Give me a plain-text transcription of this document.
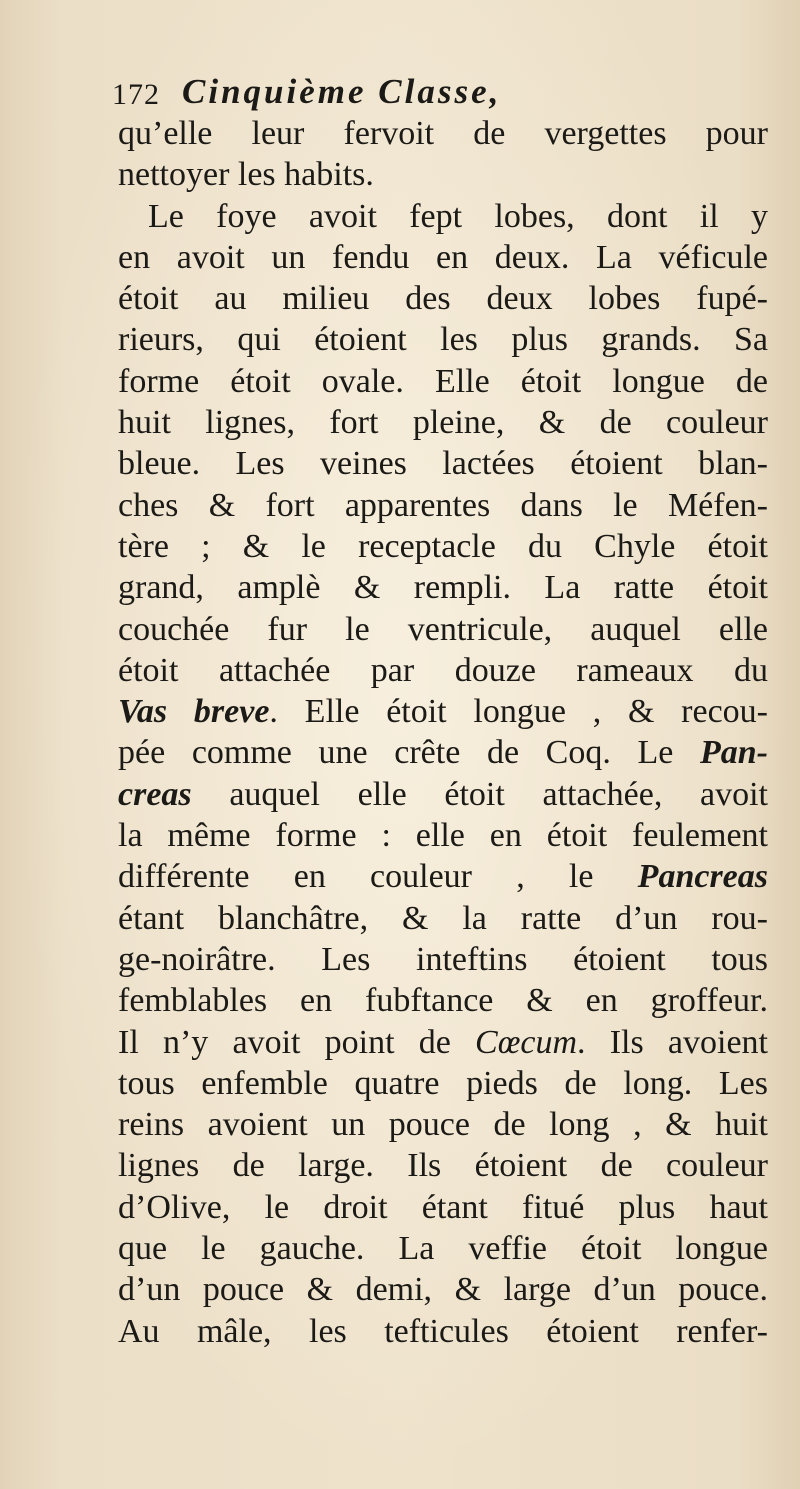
172 Cinquième Classe,
qu’elle leur fervoit de vergettes pour
nettoyer les habits.
Le foye avoit fept lobes, dont il y
en avoit un fendu en deux. La véficule
étoit au milieu des deux lobes fupé-
rieurs, qui étoient les plus grands. Sa
forme étoit ovale. Elle étoit longue de
huit lignes, fort pleine, & de couleur
bleue. Les veines lactées étoient blan-
ches & fort apparentes dans le Méfen-
tère ; & le receptacle du Chyle étoit
grand, amplè & rempli. La ratte étoit
couchée fur le ventricule, auquel elle
étoit attachée par douze rameaux du
Vas breve. Elle étoit longue , & recou-
pée comme une crête de Coq. Le Pan-
creas auquel elle étoit attachée, avoit
la même forme : elle en étoit feulement
différente en couleur , le Pancreas
étant blanchâtre, & la ratte d’un rou-
ge-noirâtre. Les inteftins étoient tous
femblables en fubftance & en groffeur.
Il n’y avoit point de Cœcum. Ils avoient
tous enfemble quatre pieds de long. Les
reins avoient un pouce de long , & huit
lignes de large. Ils étoient de couleur
d’Olive, le droit étant fitué plus haut
que le gauche. La veffie étoit longue
d’un pouce & demi, & large d’un pouce.
Au mâle, les tefticules étoient renfer-
